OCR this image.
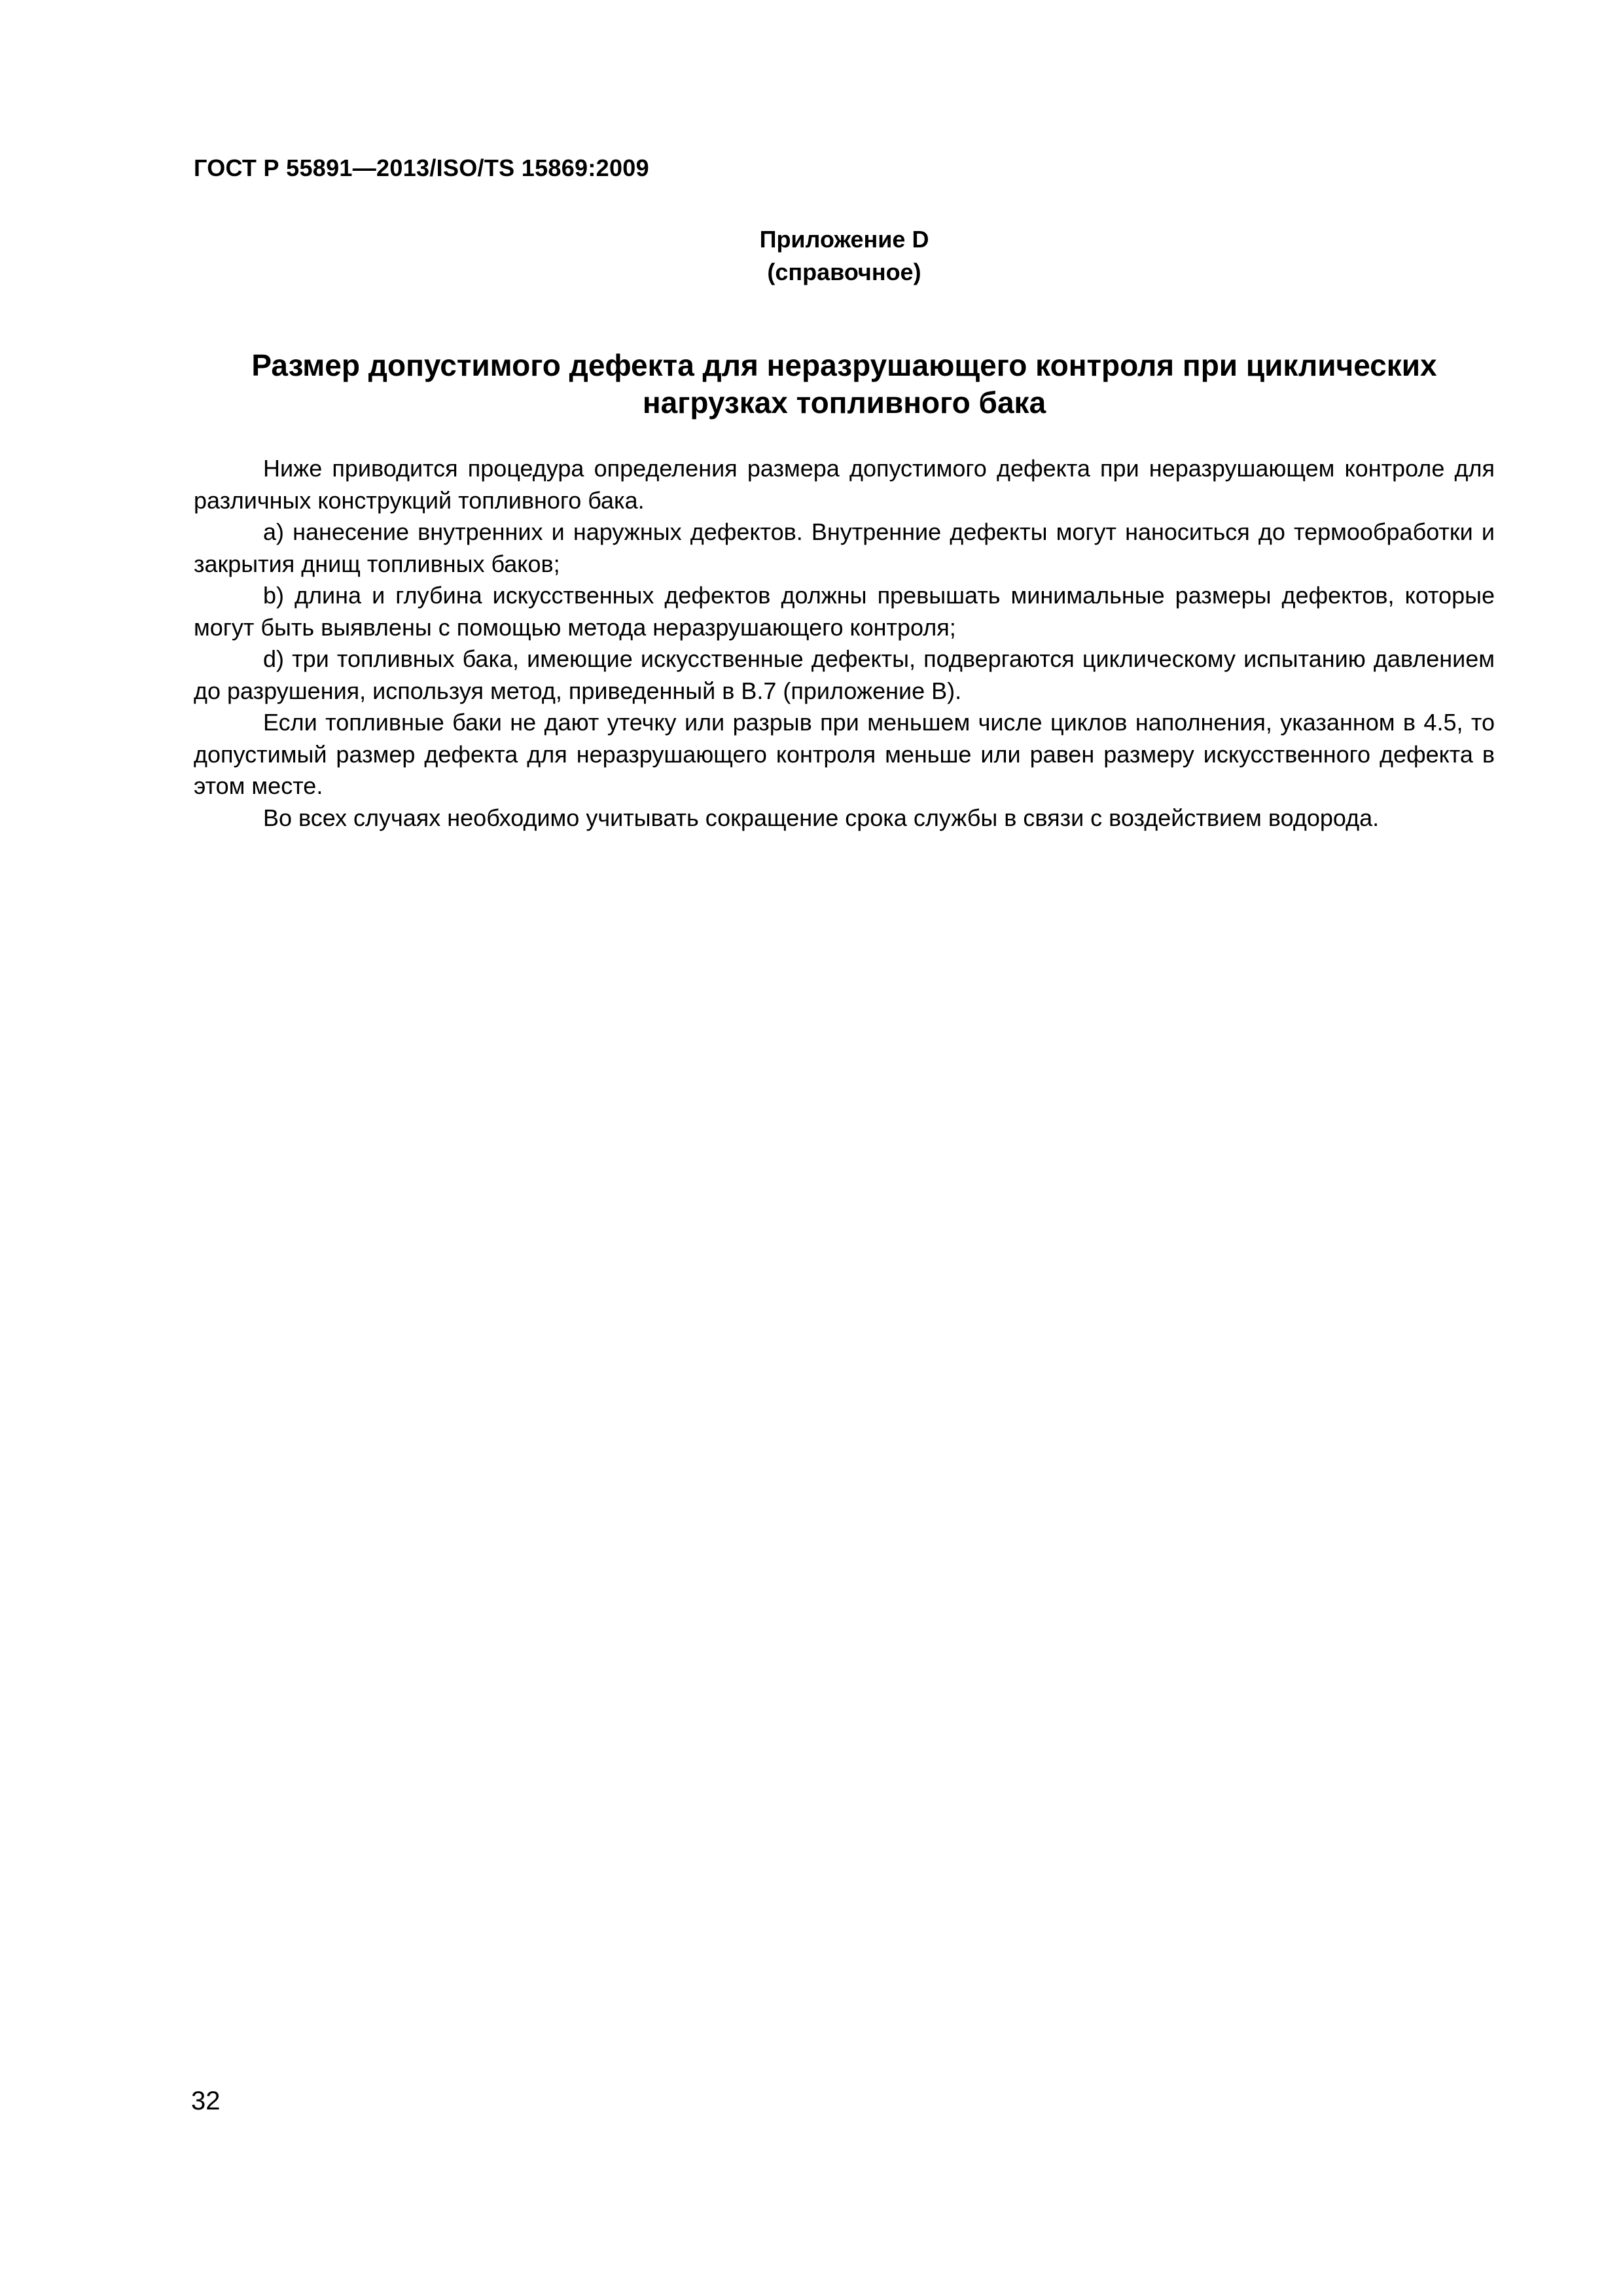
ГОСТ Р 55891—2013/ISO/TS 15869:2009
Приложение D
(справочное)
Размер допустимого дефекта для неразрушающего контроля при циклических
нагрузках топливного бака

Ниже приводится процедура определения размера допустимого дефекта при неразрушающем контроле для различных конструкций топливного бака.

а) нанесение внутренних и наружных дефектов. Внутренние дефекты могут наноситься до термообработки и закрытия днищ топливных баков;

b) длина и глубина искусственных дефектов должны превышать минимальные размеры дефектов, которые могут быть выявлены с помощью метода неразрушающего контроля;

d) три топливных бака, имеющие искусственные дефекты, подвергаются циклическому испытанию давлением до разрушения, используя метод, приведенный в В.7 (приложение В).

Если топливные баки не дают утечку или разрыв при меньшем числе циклов наполнения, указанном в 4.5, то допустимый размер дефекта для неразрушающего контроля меньше или равен размеру искусственного дефекта в этом месте.

Во всех случаях необходимо учитывать сокращение срока службы в связи с воздействием водорода.

32
